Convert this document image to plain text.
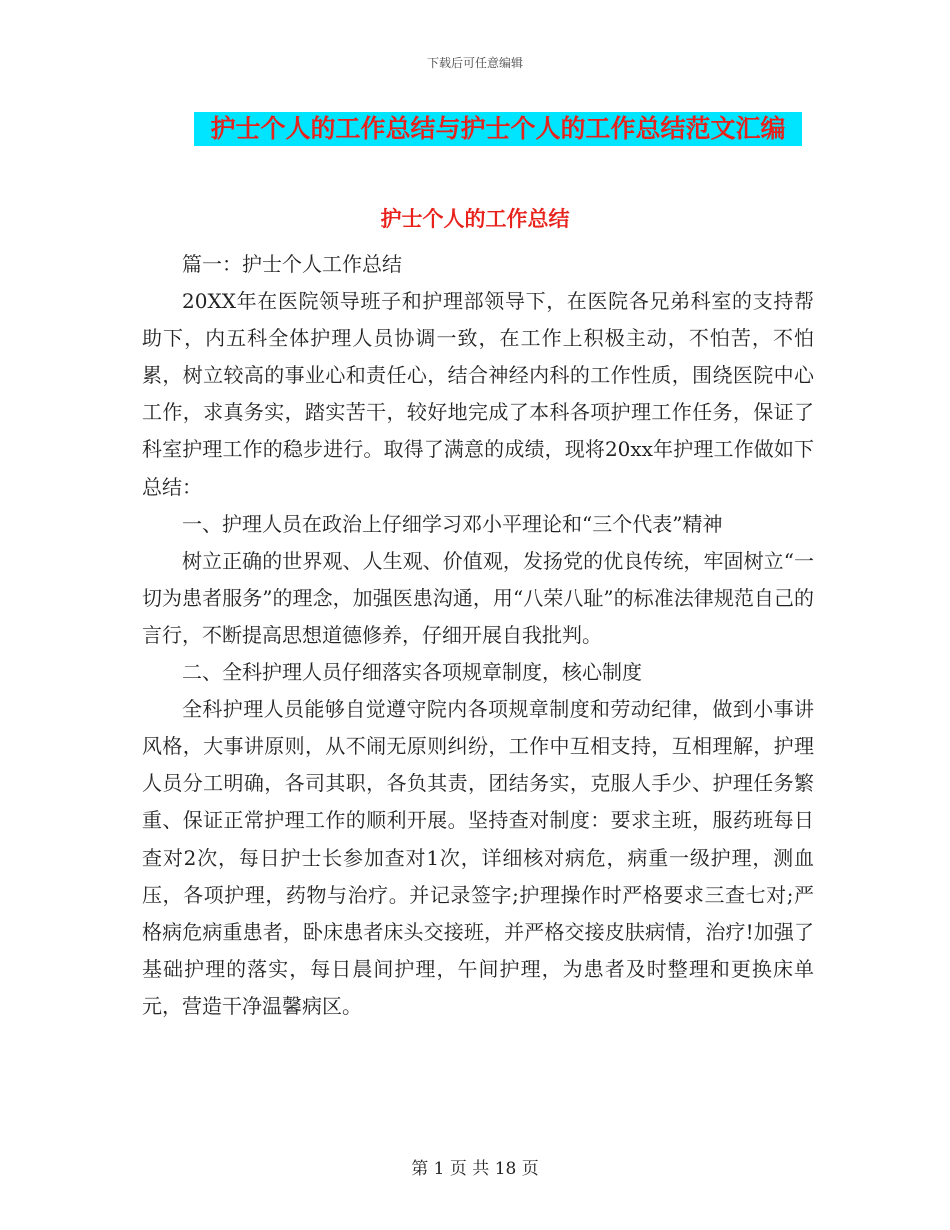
下载后可任意编辑
护士个人的工作总结与护士个人的工作总结范文汇编
护士个人的工作总结

篇一：护士个人工作总结

20XX年在医院领导班子和护理部领导下，在医院各兄弟科室的支持帮助下，内五科全体护理人员协调一致，在工作上积极主动，不怕苦，不怕累，树立较高的事业心和责任心，结合神经内科的工作性质，围绕医院中心工作，求真务实，踏实苦干，较好地完成了本科各项护理工作任务，保证了科室护理工作的稳步进行。取得了满意的成绩，现将20xx年护理工作做如下总结：

一、护理人员在政治上仔细学习邓小平理论和“三个代表”精神

树立正确的世界观、人生观、价值观，发扬党的优良传统，牢固树立“一切为患者服务”的理念，加强医患沟通，用“八荣八耻”的标准法律规范自己的言行，不断提高思想道德修养，仔细开展自我批判。

二、全科护理人员仔细落实各项规章制度，核心制度

全科护理人员能够自觉遵守院内各项规章制度和劳动纪律，做到小事讲风格，大事讲原则，从不闹无原则纠纷，工作中互相支持，互相理解，护理人员分工明确，各司其职，各负其责，团结务实，克服人手少、护理任务繁重、保证正常护理工作的顺利开展。坚持查对制度：要求主班，服药班每日查对2次，每日护士长参加查对1次，详细核对病危，病重一级护理，测血压，各项护理，药物与治疗。并记录签字;护理操作时严格要求三查七对;严格病危病重患者，卧床患者床头交接班，并严格交接皮肤病情，治疗!加强了基础护理的落实，每日晨间护理，午间护理，为患者及时整理和更换床单元，营造干净温馨病区。

第 1 页 共 18 页
